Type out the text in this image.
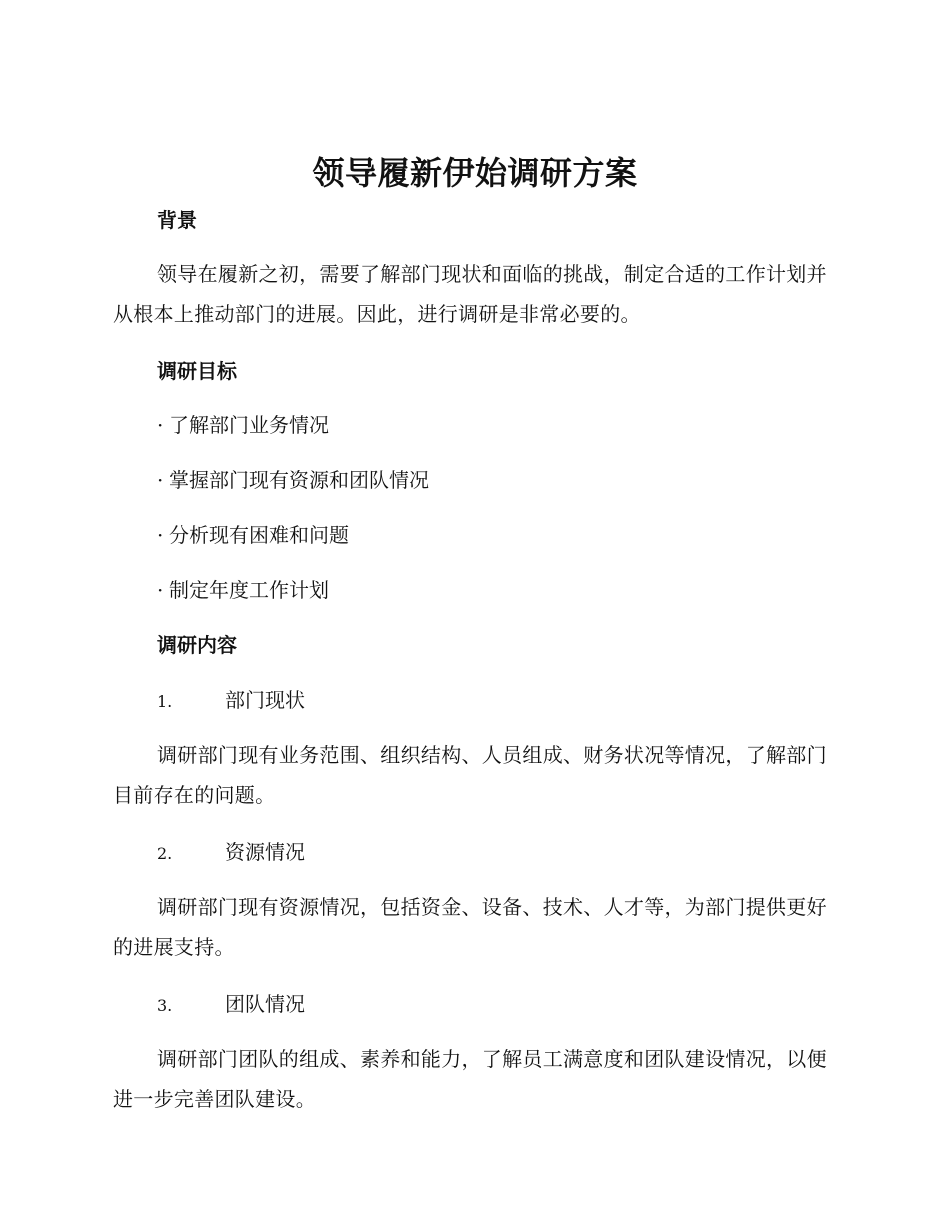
领导履新伊始调研方案
背景

领导在履新之初，需要了解部门现状和面临的挑战，制定合适的工作计划并从根本上推动部门的进展。因此，进行调研是非常必要的。

调研目标
· 了解部门业务情况
· 掌握部门现有资源和团队情况
· 分析现有困难和问题
· 制定年度工作计划
调研内容
1.	部门现状

调研部门现有业务范围、组织结构、人员组成、财务状况等情况，了解部门目前存在的问题。

2.	资源情况

调研部门现有资源情况，包括资金、设备、技术、人才等，为部门提供更好的进展支持。

3.	团队情况

调研部门团队的组成、素养和能力，了解员工满意度和团队建设情况，以便进一步完善团队建设。
